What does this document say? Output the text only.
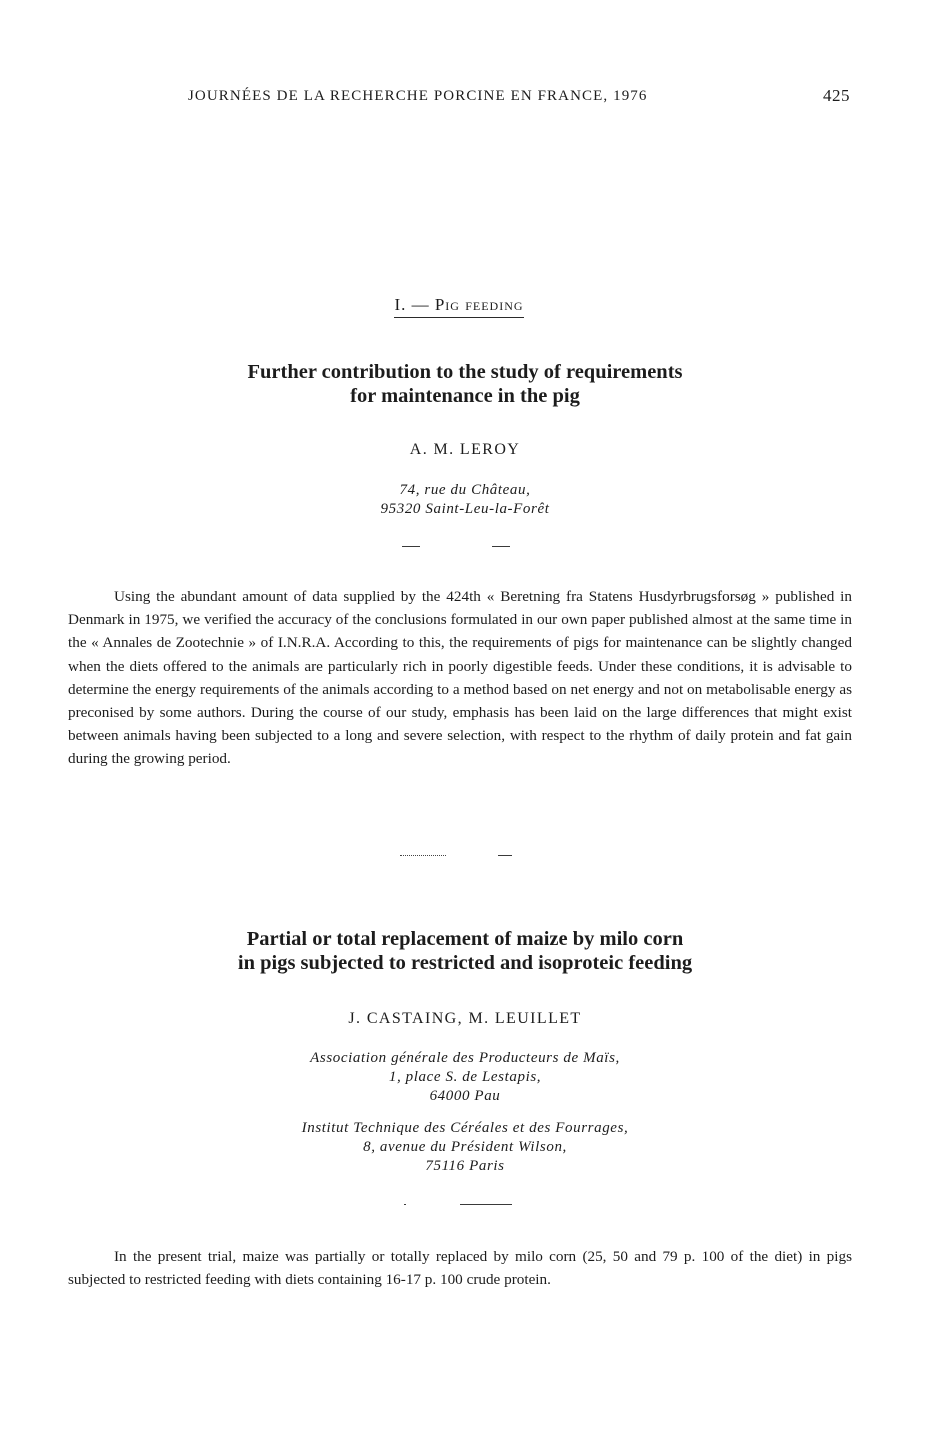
JOURNÉES DE LA RECHERCHE PORCINE EN FRANCE, 1976	425
I. — Pig feeding
Further contribution to the study of requirements
for maintenance in the pig
A. M. LEROY
74, rue du Château,
95320 Saint-Leu-la-Forêt

Using the abundant amount of data supplied by the 424th « Beretning fra Statens Husdyrbrugsforsøg » published in Denmark in 1975, we verified the accuracy of the conclusions formulated in our own paper published almost at the same time in the « Annales de Zootechnie » of I.N.R.A. According to this, the requirements of pigs for maintenance can be slightly changed when the diets offered to the animals are particularly rich in poorly digestible feeds. Under these conditions, it is advisable to determine the energy requirements of the animals according to a method based on net energy and not on metabolisable energy as preconised by some authors. During the course of our study, emphasis has been laid on the large differences that might exist between animals having been subjected to a long and severe selection, with respect to the rhythm of daily protein and fat gain during the growing period.

Partial or total replacement of maize by milo corn
in pigs subjected to restricted and isoproteic feeding
J. CASTAING, M. LEUILLET
Association générale des Producteurs de Maïs,
1, place S. de Lestapis,
64000 Pau
Institut Technique des Céréales et des Fourrages,
8, avenue du Président Wilson,
75116 Paris

In the present trial, maize was partially or totally replaced by milo corn (25, 50 and 79 p. 100 of the diet) in pigs subjected to restricted feeding with diets containing 16-17 p. 100 crude protein.
